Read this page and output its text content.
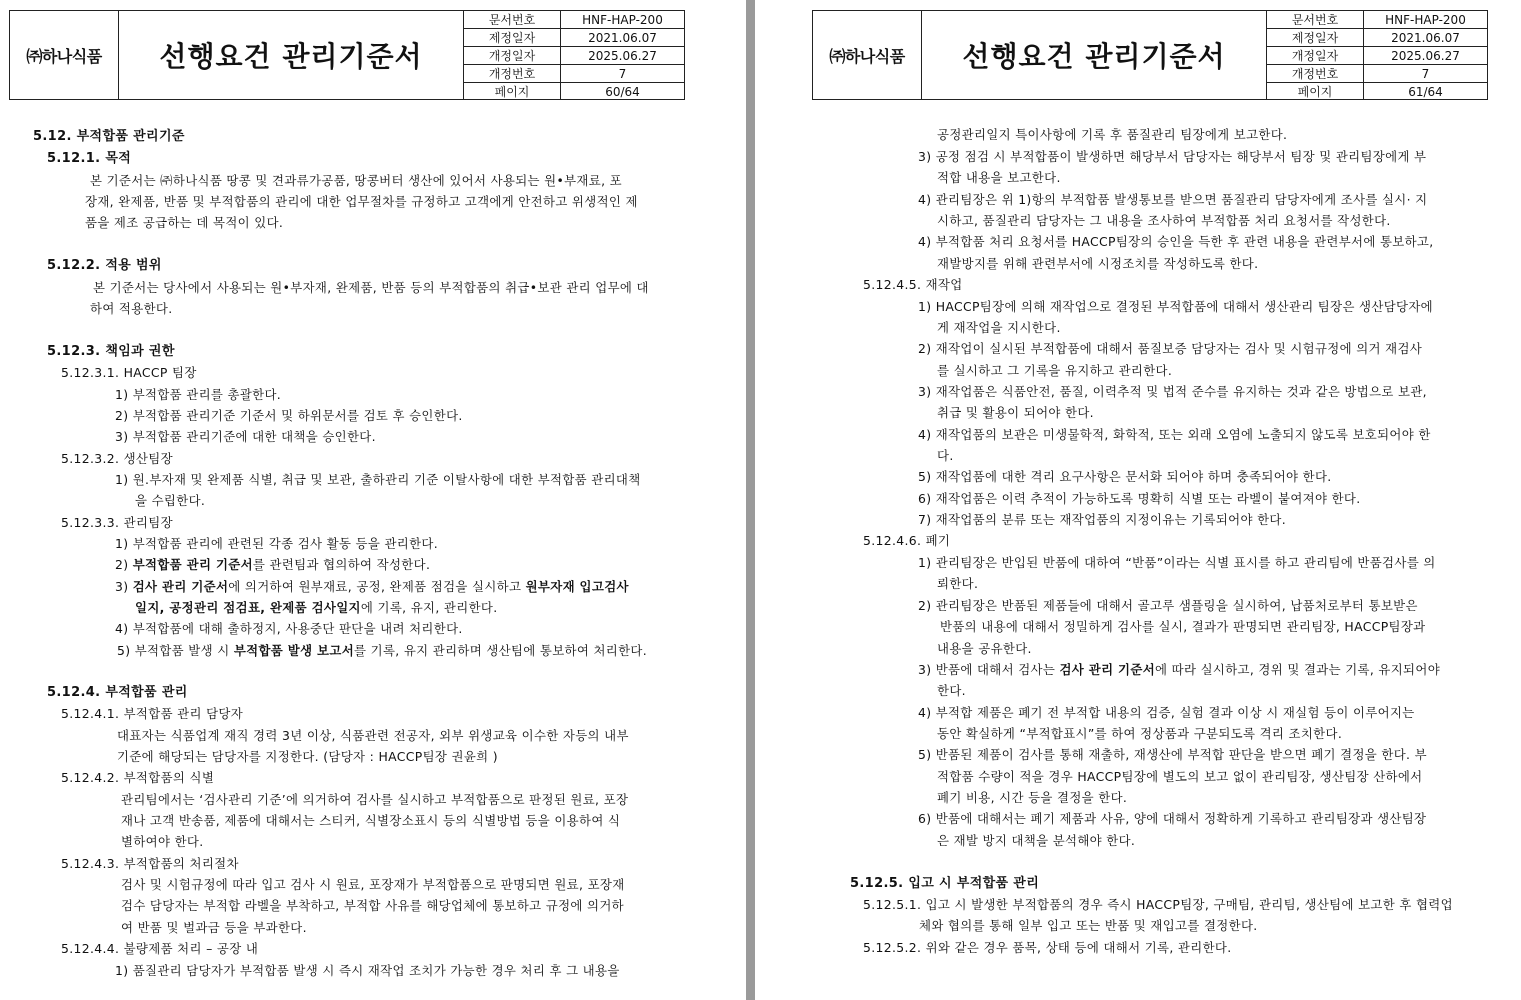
㈜하나식품	선행요건 관리기준서
문서번호	HNF-HAP-200
제정일자	2021.06.07
개정일자	2025.06.27
개정번호	7
페이지	60/64
5.12. 부적합품 관리기준
5.12.1. 목적
본 기준서는 ㈜하나식품 땅콩 및 견과류가공품, 땅콩버터 생산에 있어서 사용되는 원•부재료, 포
장재, 완제품, 반품 및 부적합품의 관리에 대한 업무절차를 규정하고 고객에게 안전하고 위생적인 제
품을 제조 공급하는 데 목적이 있다.
5.12.2. 적용 범위
본 기준서는 당사에서 사용되는 원•부자재, 완제품, 반품 등의 부적합품의 취급•보관 관리 업무에 대
하여 적용한다.
5.12.3. 책임과 권한
5.12.3.1. HACCP 팀장
1) 부적합품 관리를 총괄한다.
2) 부적합품 관리기준 기준서 및 하위문서를 검토 후 승인한다.
3) 부적합품 관리기준에 대한 대책을 승인한다.
5.12.3.2. 생산팀장
1) 원.부자재 및 완제품 식별, 취급 및 보관, 출하관리 기준 이탈사항에 대한 부적합품 관리대책
을 수립한다.
5.12.3.3. 관리팀장
1) 부적합품 관리에 관련된 각종 검사 활동 등을 관리한다.
2) 부적합품 관리 기준서를 관련팀과 협의하여 작성한다.
3) 검사 관리 기준서에 의거하여 원부재료, 공정, 완제품 점검을 실시하고 원부자재 입고검사
일지, 공정관리 점검표, 완제품 검사일지에 기록, 유지, 관리한다.
4) 부적합품에 대해 출하정지, 사용중단 판단을 내려 처리한다.
5) 부적합품 발생 시 부적합품 발생 보고서를 기록, 유지 관리하며 생산팀에 통보하여 처리한다.
5.12.4. 부적합품 관리
5.12.4.1. 부적합품 관리 담당자
대표자는 식품업계 재직 경력 3년 이상, 식품관련 전공자, 외부 위생교육 이수한 자등의 내부
기준에 해당되는 담당자를 지정한다. (담당자 : HACCP팀장 권윤희 )
5.12.4.2. 부적합품의 식별
관리팀에서는 ‘검사관리 기준’에 의거하여 검사를 실시하고 부적합품으로 판정된 원료, 포장
재나 고객 반송품, 제품에 대해서는 스티커, 식별장소표시 등의 식별방법 등을 이용하여 식
별하여야 한다.
5.12.4.3. 부적합품의 처리절차
검사 및 시험규정에 따라 입고 검사 시 원료, 포장재가 부적합품으로 판명되면 원료, 포장재
검수 담당자는 부적합 라벨을 부착하고, 부적합 사유를 해당업체에 통보하고 규정에 의거하
여 반품 및 벌과금 등을 부과한다.
5.12.4.4. 불량제품 처리 – 공장 내
1) 품질관리 담당자가 부적합품 발생 시 즉시 재작업 조치가 가능한 경우 처리 후 그 내용을
㈜하나식품	선행요건 관리기준서
문서번호	HNF-HAP-200
제정일자	2021.06.07
개정일자	2025.06.27
개정번호	7
페이지	61/64
공정관리일지 특이사항에 기록 후 품질관리 팀장에게 보고한다.
3) 공정 점검 시 부적합품이 발생하면 해당부서 담당자는 해당부서 팀장 및 관리팀장에게 부
적합 내용을 보고한다.
4) 관리팀장은 위 1)항의 부적합품 발생통보를 받으면 품질관리 담당자에게 조사를 실시· 지
시하고, 품질관리 담당자는 그 내용을 조사하여 부적합품 처리 요청서를 작성한다.
4) 부적합품 처리 요청서를 HACCP팀장의 승인을 득한 후 관련 내용을 관련부서에 통보하고,
재발방지를 위해 관련부서에 시정조치를 작성하도록 한다.
5.12.4.5. 재작업
1) HACCP팀장에 의해 재작업으로 결정된 부적합품에 대해서 생산관리 팀장은 생산담당자에
게 재작업을 지시한다.
2) 재작업이 실시된 부적합품에 대해서 품질보증 담당자는 검사 및 시험규정에 의거 재검사
를 실시하고 그 기록을 유지하고 관리한다.
3) 재작업품은 식품안전, 품질, 이력추적 및 법적 준수를 유지하는 것과 같은 방법으로 보관,
취급 및 활용이 되어야 한다.
4) 재작업품의 보관은 미생물학적, 화학적, 또는 외래 오염에 노출되지 않도록 보호되어야 한
다.
5) 재작업품에 대한 격리 요구사항은 문서화 되어야 하며 충족되어야 한다.
6) 재작업품은 이력 추적이 가능하도록 명확히 식별 또는 라벨이 붙여져야 한다.
7) 재작업품의 분류 또는 재작업품의 지정이유는 기록되어야 한다.
5.12.4.6. 폐기
1) 관리팀장은 반입된 반품에 대하여 “반품”이라는 식별 표시를 하고 관리팀에 반품검사를 의
뢰한다.
2) 관리팀장은 반품된 제품들에 대해서 골고루 샘플링을 실시하여, 납품처로부터 통보받은
반품의 내용에 대해서 정밀하게 검사를 실시, 결과가 판명되면 관리팀장, HACCP팀장과
내용을 공유한다.
3) 반품에 대해서 검사는 검사 관리 기준서에 따라 실시하고, 경위 및 결과는 기록, 유지되어야
한다.
4) 부적합 제품은 폐기 전 부적합 내용의 검증, 실험 결과 이상 시 재실험 등이 이루어지는
동안 확실하게 “부적합표시”를 하여 정상품과 구분되도록 격리 조치한다.
5) 반품된 제품이 검사를 통해 재출하, 재생산에 부적합 판단을 받으면 폐기 결정을 한다. 부
적합품 수량이 적을 경우 HACCP팀장에 별도의 보고 없이 관리팀장, 생산팀장 산하에서
폐기 비용, 시간 등을 결정을 한다.
6) 반품에 대해서는 폐기 제품과 사유, 양에 대해서 정확하게 기록하고 관리팀장과 생산팀장
은 재발 방지 대책을 분석해야 한다.
5.12.5. 입고 시 부적합품 관리
5.12.5.1. 입고 시 발생한 부적합품의 경우 즉시 HACCP팀장, 구매팀, 관리팀, 생산팀에 보고한 후 협력업
체와 협의를 통해 일부 입고 또는 반품 및 재입고를 결정한다.
5.12.5.2. 위와 같은 경우 품목, 상태 등에 대해서 기록, 관리한다.
